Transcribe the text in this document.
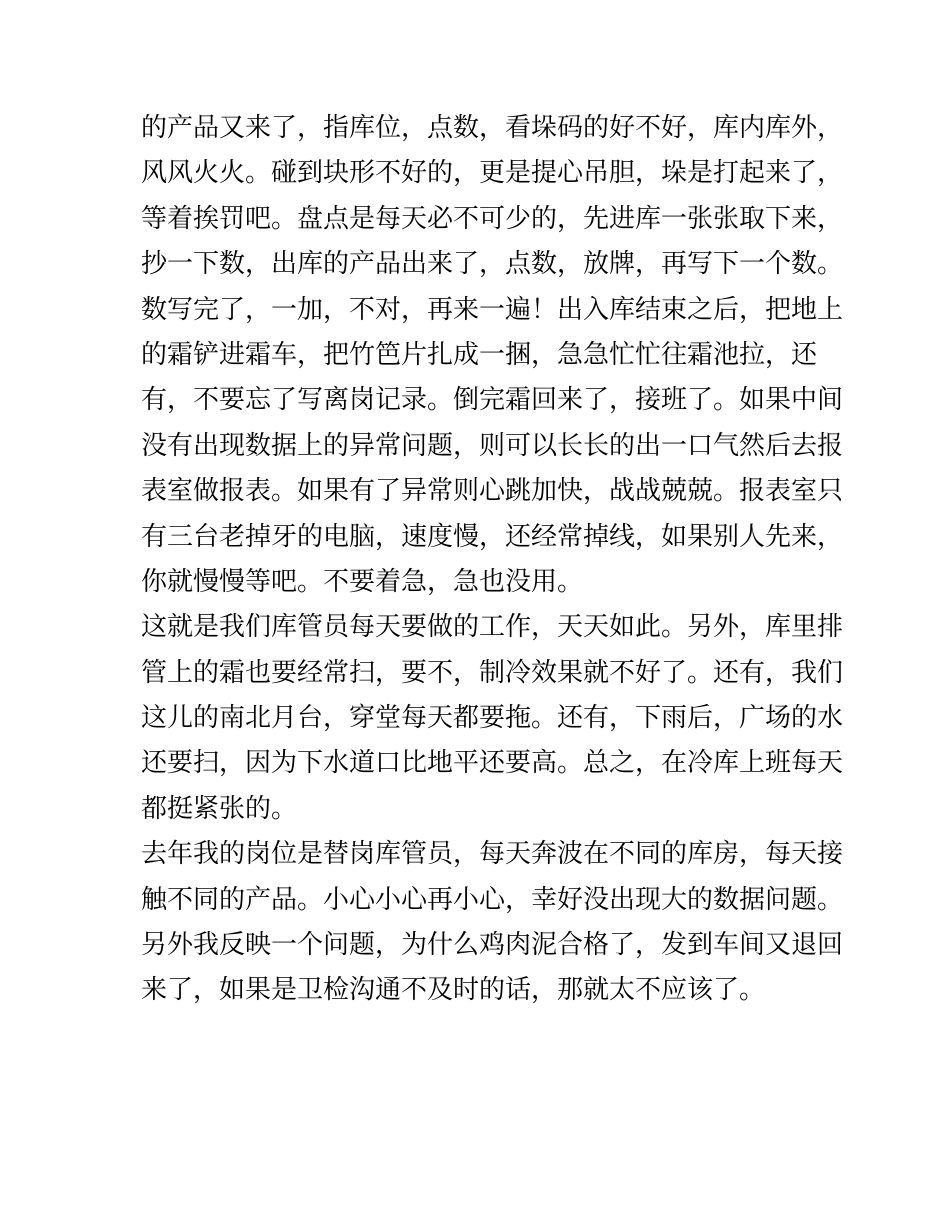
的产品又来了，指库位，点数，看垛码的好不好，库内库外，
风风火火。碰到块形不好的，更是提心吊胆，垛是打起来了，
等着挨罚吧。盘点是每天必不可少的，先进库一张张取下来，
抄一下数，出库的产品出来了，点数，放牌，再写下一个数。
数写完了，一加，不对，再来一遍！出入库结束之后，把地上
的霜铲进霜车，把竹笆片扎成一捆，急急忙忙往霜池拉，还
有，不要忘了写离岗记录。倒完霜回来了，接班了。如果中间
没有出现数据上的异常问题，则可以长长的出一口气然后去报
表室做报表。如果有了异常则心跳加快，战战兢兢。报表室只
有三台老掉牙的电脑，速度慢，还经常掉线，如果别人先来，
你就慢慢等吧。不要着急，急也没用。
这就是我们库管员每天要做的工作，天天如此。另外，库里排
管上的霜也要经常扫，要不，制冷效果就不好了。还有，我们
这儿的南北月台，穿堂每天都要拖。还有，下雨后，广场的水
还要扫，因为下水道口比地平还要高。总之，在冷库上班每天
都挺紧张的。
去年我的岗位是替岗库管员，每天奔波在不同的库房，每天接
触不同的产品。小心小心再小心，幸好没出现大的数据问题。
另外我反映一个问题，为什么鸡肉泥合格了，发到车间又退回
来了，如果是卫检沟通不及时的话，那就太不应该了。
